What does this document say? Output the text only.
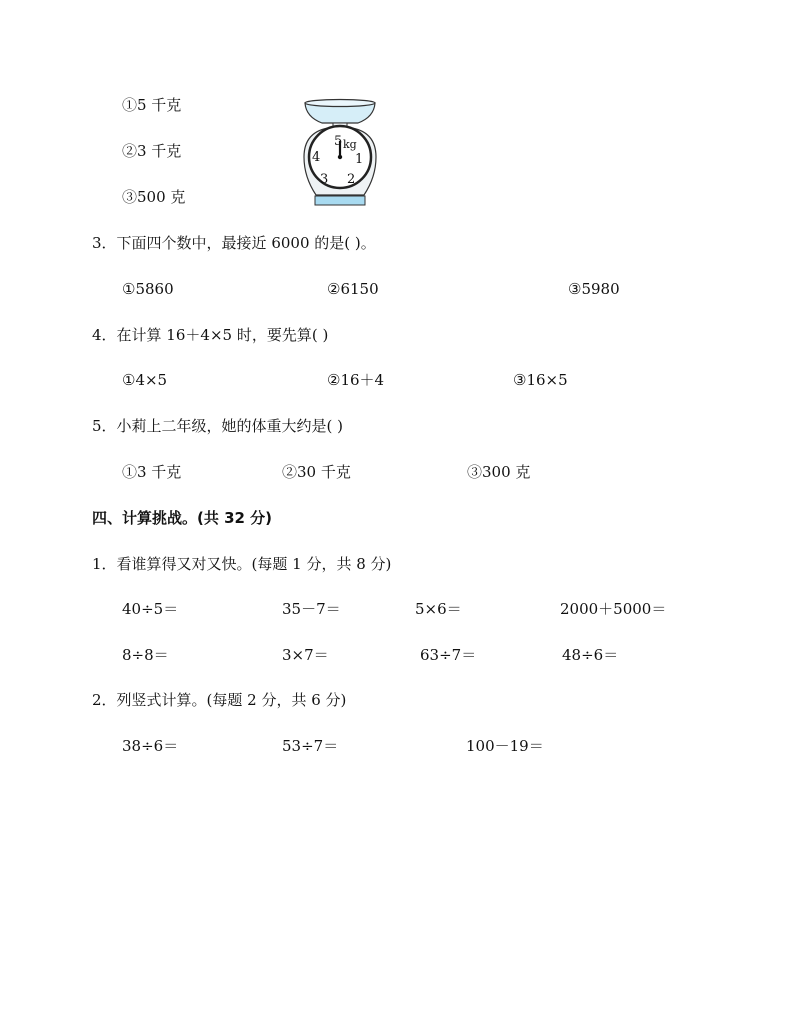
①5 千克
②3 千克
③500 克
5 kg
1
2
3
4
3．下面四个数中，最接近 6000 的是( )。
①5860	②6150	③5980
4．在计算 16＋4×5 时，要先算( )
①4×5	②16＋4	③16×5
5．小莉上二年级，她的体重大约是( )
①3 千克	②30 千克	③300 克
四、计算挑战。(共 32 分)
1．看谁算得又对又快。(每题 1 分，共 8 分)
40÷5＝	35－7＝	5×6＝	2000＋5000＝
8÷8＝	3×7＝	63÷7＝	48÷6＝
2．列竖式计算。(每题 2 分，共 6 分)
38÷6＝	53÷7＝	100－19＝
